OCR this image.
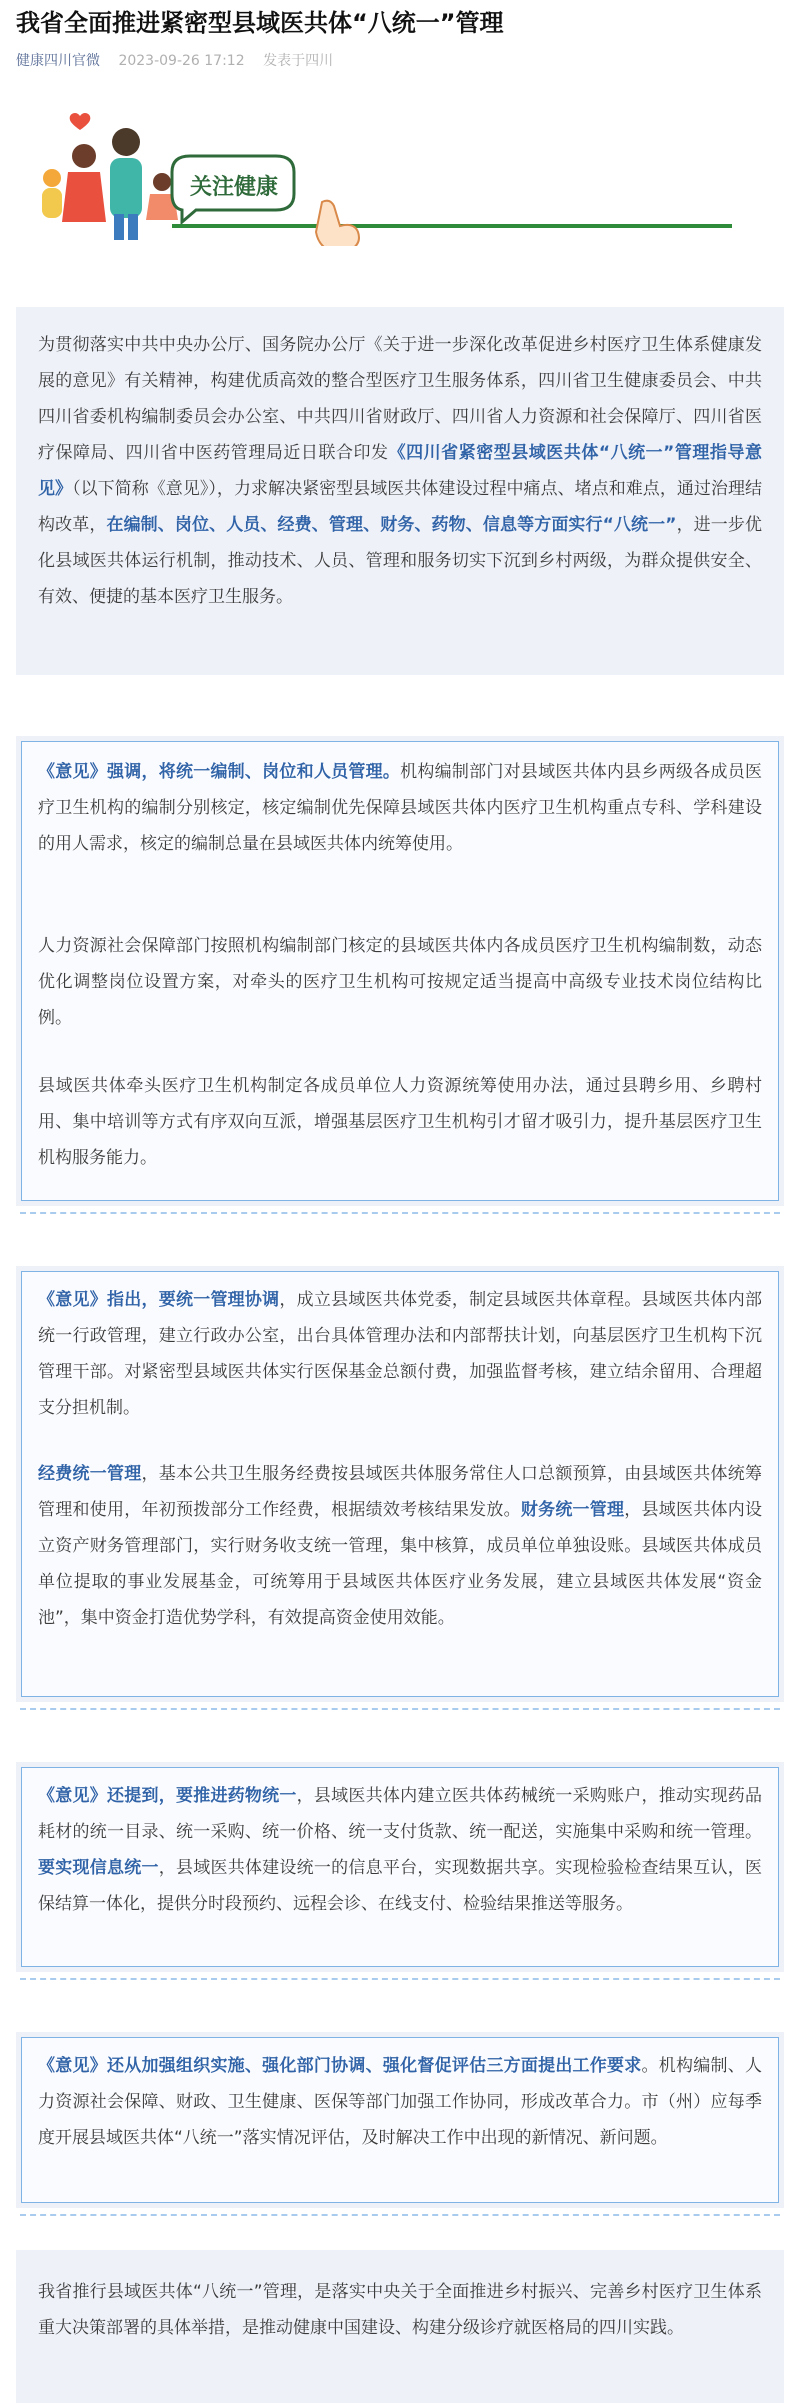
我省全面推进紧密型县域医共体“八统一”管理
健康四川官微 2023-09-26 17:12 发表于四川
关注健康

为贯彻落实中共中央办公厅、国务院办公厅《关于进一步深化改革促进乡村医疗卫生体系健康发展的意见》有关精神，构建优质高效的整合型医疗卫生服务体系，四川省卫生健康委员会、中共四川省委机构编制委员会办公室、中共四川省财政厅、四川省人力资源和社会保障厅、四川省医疗保障局、四川省中医药管理局近日联合印发《四川省紧密型县域医共体“八统一”管理指导意见》（以下简称《意见》），力求解决紧密型县域医共体建设过程中痛点、堵点和难点，通过治理结构改革，在编制、岗位、人员、经费、管理、财务、药物、信息等方面实行“八统一”，进一步优化县域医共体运行机制，推动技术、人员、管理和服务切实下沉到乡村两级，为群众提供安全、有效、便捷的基本医疗卫生服务。

《意见》强调，将统一编制、岗位和人员管理。机构编制部门对县域医共体内县乡两级各成员医疗卫生机构的编制分别核定，核定编制优先保障县域医共体内医疗卫生机构重点专科、学科建设的用人需求，核定的编制总量在县域医共体内统筹使用。

人力资源社会保障部门按照机构编制部门核定的县域医共体内各成员医疗卫生机构编制数，动态优化调整岗位设置方案，对牵头的医疗卫生机构可按规定适当提高中高级专业技术岗位结构比例。

县域医共体牵头医疗卫生机构制定各成员单位人力资源统筹使用办法，通过县聘乡用、乡聘村用、集中培训等方式有序双向互派，增强基层医疗卫生机构引才留才吸引力，提升基层医疗卫生机构服务能力。

《意见》指出，要统一管理协调，成立县域医共体党委，制定县域医共体章程。县域医共体内部统一行政管理，建立行政办公室，出台具体管理办法和内部帮扶计划，向基层医疗卫生机构下沉管理干部。对紧密型县域医共体实行医保基金总额付费，加强监督考核，建立结余留用、合理超支分担机制。

经费统一管理，基本公共卫生服务经费按县域医共体服务常住人口总额预算，由县域医共体统筹管理和使用，年初预拨部分工作经费，根据绩效考核结果发放。财务统一管理，县域医共体内设立资产财务管理部门，实行财务收支统一管理，集中核算，成员单位单独设账。县域医共体成员单位提取的事业发展基金，可统筹用于县域医共体医疗业务发展，建立县域医共体发展“资金池”，集中资金打造优势学科，有效提高资金使用效能。

《意见》还提到，要推进药物统一，县域医共体内建立医共体药械统一采购账户，推动实现药品耗材的统一目录、统一采购、统一价格、统一支付货款、统一配送，实施集中采购和统一管理。要实现信息统一，县域医共体建设统一的信息平台，实现数据共享。实现检验检查结果互认，医保结算一体化，提供分时段预约、远程会诊、在线支付、检验结果推送等服务。

《意见》还从加强组织实施、强化部门协调、强化督促评估三方面提出工作要求。机构编制、人力资源社会保障、财政、卫生健康、医保等部门加强工作协同，形成改革合力。市（州）应每季度开展县域医共体“八统一”落实情况评估，及时解决工作中出现的新情况、新问题。

我省推行县域医共体“八统一”管理，是落实中央关于全面推进乡村振兴、完善乡村医疗卫生体系重大决策部署的具体举措，是推动健康中国建设、构建分级诊疗就医格局的四川实践。
